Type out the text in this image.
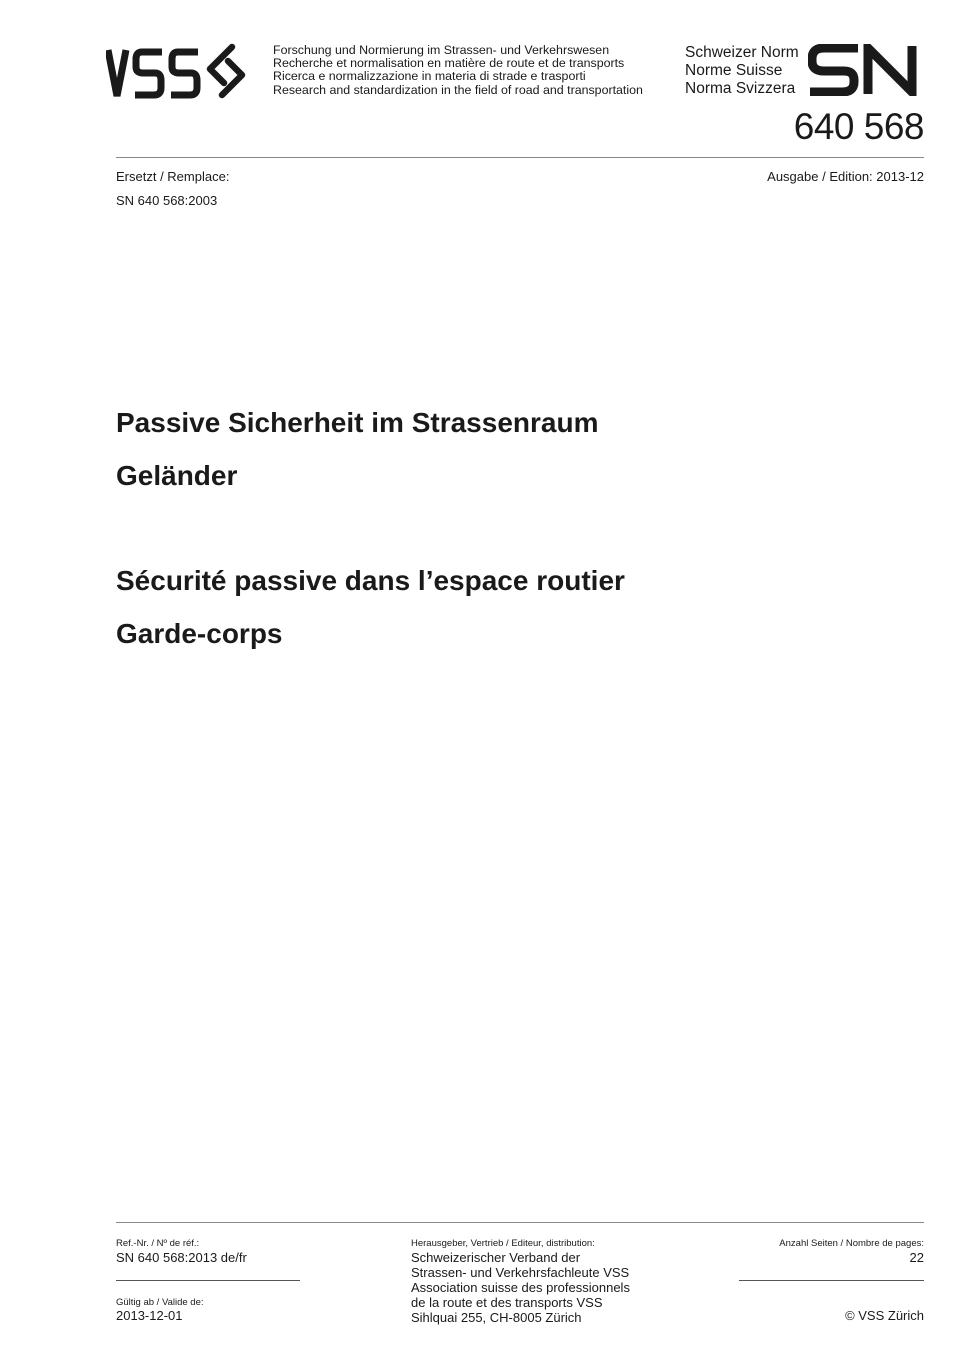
Forschung und Normierung im Strassen- und Verkehrswesen
Recherche et normalisation en matière de route et de transports
Ricerca e normalizzazione in materia di strade e trasporti
Research and standardization in the field of road and transportation
Schweizer Norm
Norme Suisse
Norma Svizzera
640 568
Ersetzt / Remplace:
SN 640 568:2003
Ausgabe / Edition: 2013-12
Passive Sicherheit im Strassenraum
Geländer
Sécurité passive dans l’espace routier
Garde-corps
Ref.-Nr. / Nº de réf.:
SN 640 568:2013 de/fr
Gültig ab / Valide de:
2013-12-01
Herausgeber, Vertrieb / Editeur, distribution:
Schweizerischer Verband der
Strassen- und Verkehrsfachleute VSS
Association suisse des professionnels
de la route et des transports VSS
Sihlquai 255, CH-8005 Zürich
Anzahl Seiten / Nombre de pages:
22
© VSS Zürich
